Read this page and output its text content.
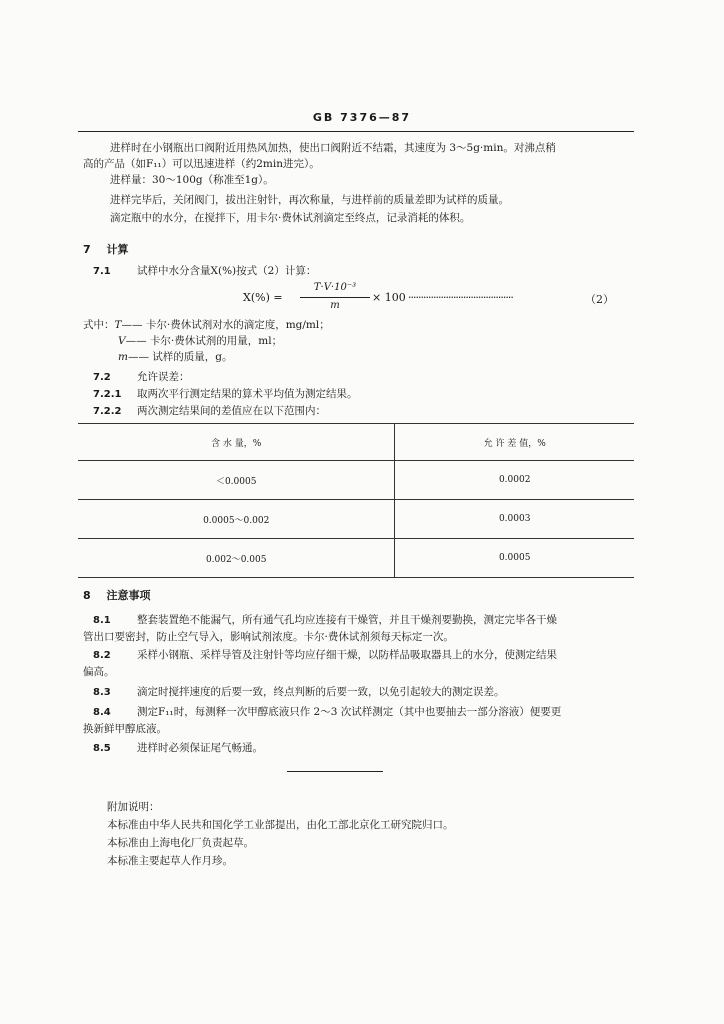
GB 7376—87
进样时在小钢瓶出口阀附近用热风加热，使出口阀附近不结霜，其速度为 3～5g·min。对沸点稍
高的产品（如F₁₁）可以迅速进样（约2min进完）。
进样量：30～100g（称准至1g）。
进样完毕后，关闭阀门，拔出注射针，再次称量，与进样前的质量差即为试样的质量。
滴定瓶中的水分，在搅拌下，用卡尔·费休试剂滴定至终点，记录消耗的体积。
7 计算
7.1	试样中水分含量X(%)按式（2）计算：
X(%) =
T·V·10⁻³
m
× 100 ··········································	（2）
式中：T—— 卡尔·费休试剂对水的滴定度，mg/ml；
V—— 卡尔·费休试剂的用量，ml；
m—— 试样的质量，g。
7.2	允许误差：
7.2.1 取两次平行测定结果的算术平均值为测定结果。
7.2.2 两次测定结果间的差值应在以下范围内：
含 水 量，%	允 许 差 值，%
＜0.0005	0.0002
0.0005～0.002	0.0003
0.002～0.005	0.0005
8 注意事项
8.1	整套装置绝不能漏气，所有通气孔均应连接有干燥管，并且干燥剂要勤换，测定完毕各干燥
管出口要密封，防止空气导入，影响试剂浓度。卡尔·费休试剂须每天标定一次。
8.2	采样小钢瓶、采样导管及注射针等均应仔细干燥，以防样品吸取器具上的水分，使测定结果
偏高。
8.3	滴定时搅拌速度的后要一致，终点判断的后要一致，以免引起较大的测定误差。
8.4	测定F₁₁时，每测释一次甲醇底液只作 2～3 次试样测定（其中也要抽去一部分溶液）便要更
换新鲜甲醇底液。
8.5	进样时必须保证尾气畅通。
附加说明：
本标准由中华人民共和国化学工业部提出，由化工部北京化工研究院归口。
本标准由上海电化厂负责起草。
本标准主要起草人作月珍。
